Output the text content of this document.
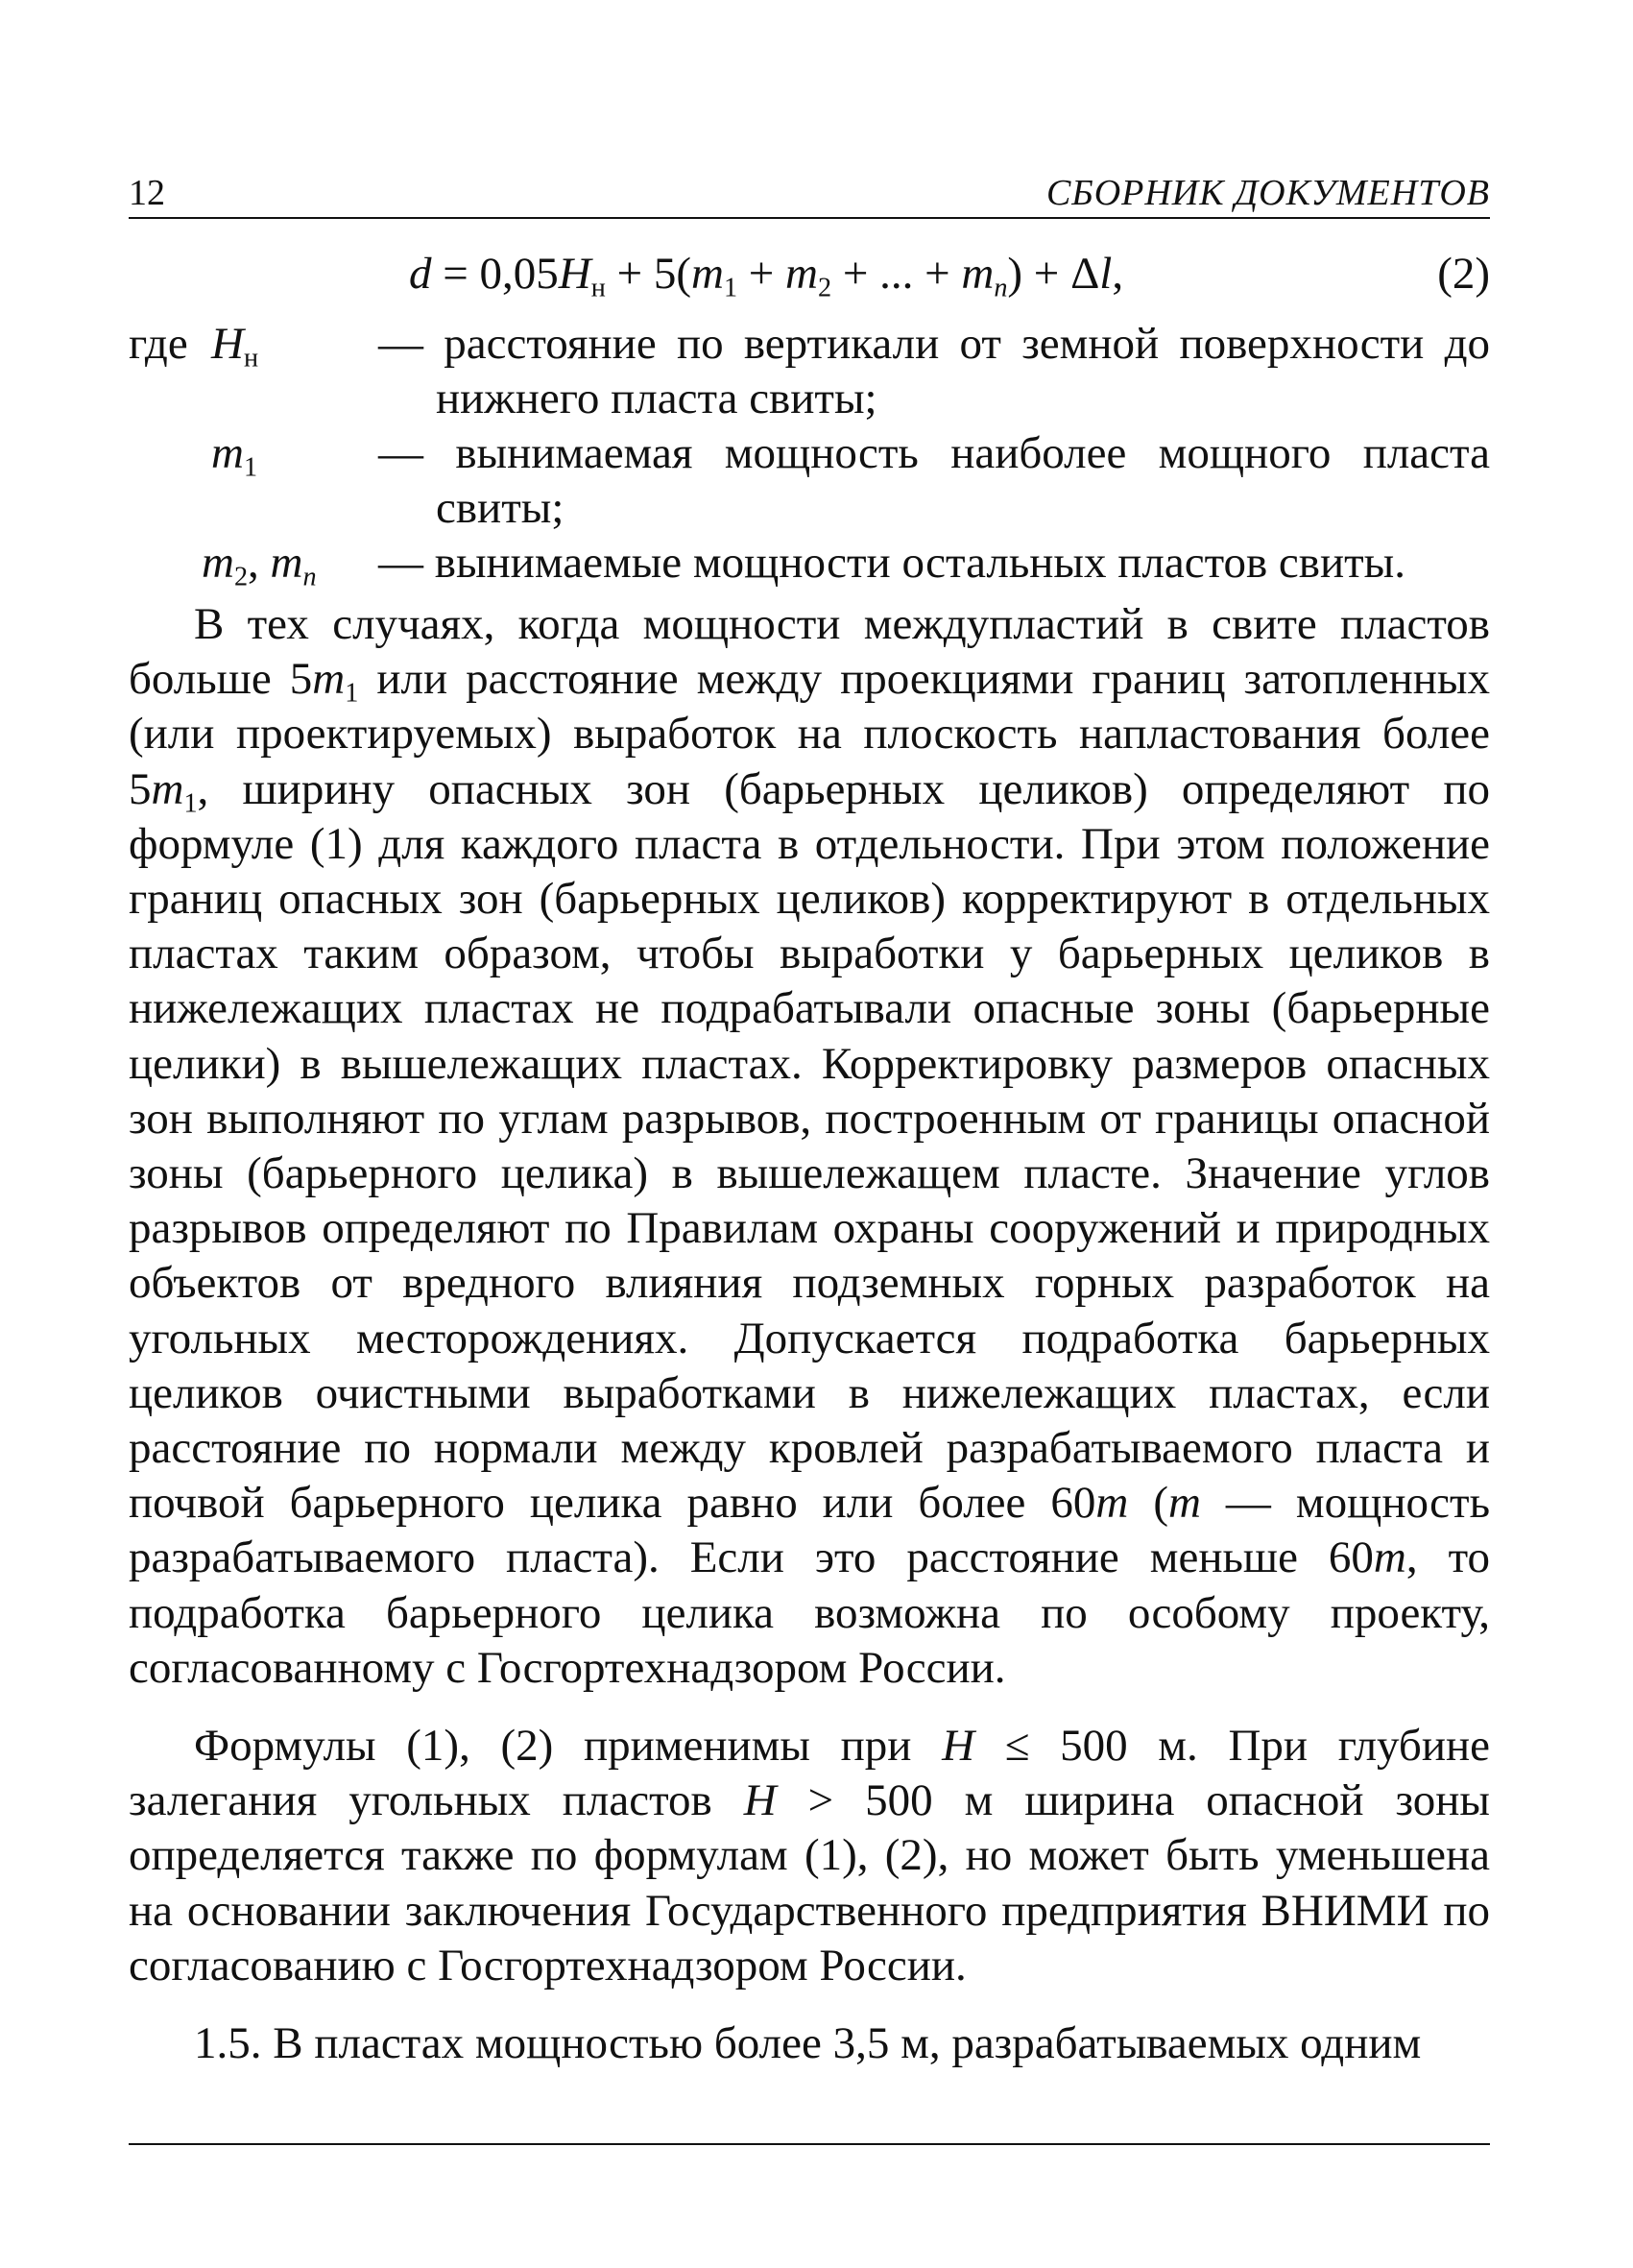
12	СБОРНИК ДОКУМЕНТОВ
$d = 0,05H_н + 5(m_1 + m_2$ + ... + $m_n) + \Delta l$,	(2)
где $H_н$	— расстояние по вертикали от земной поверхности до нижнего пласта свиты;
$m_1$	— вынимаемая мощность наиболее мощного пласта свиты;
$m_2$, $m_n$ — вынимаемые мощности остальных пластов свиты.

В тех случаях, когда мощности междупластий в свите пластов больше $5m_1$ или расстояние между проекциями границ затопленных (или проектируемых) выработок на плоскость напластования более $5m_1$, ширину опасных зон (барьерных целиков) определяют по формуле (1) для каждого пласта в отдельности. При этом положение границ опасных зон (барьерных целиков) корректируют в отдельных пластах таким образом, чтобы выработки у барьерных целиков в нижележащих пластах не подрабатывали опасные зоны (барьерные целики) в вышележащих пластах. Корректировку размеров опасных зон выполняют по углам разрывов, построенным от границы опасной зоны (барьерного целика) в вышележащем пласте. Значение углов разрывов определяют по Правилам охраны сооружений и природных объектов от вредного влияния подземных горных разработок на угольных месторождениях. Допускается подработка барьерных целиков очистными выработками в нижележащих пластах, если расстояние по нормали между кровлей разрабатываемого пласта и почвой барьерного целика равно или более 60m (m — мощность разрабатываемого пласта). Если это расстояние меньше 60m, то подработка барьерного целика возможна по особому проекту, согласованному с Госгортехнадзором России.

Формулы (1), (2) применимы при H ≤ 500 м. При глубине залегания угольных пластов H > 500 м ширина опасной зоны определяется также по формулам (1), (2), но может быть уменьшена на основании заключения Государственного предприятия ВНИМИ по согласованию с Госгортехнадзором России.

1.5. В пластах мощностью более 3,5 м, разрабатываемых одним
